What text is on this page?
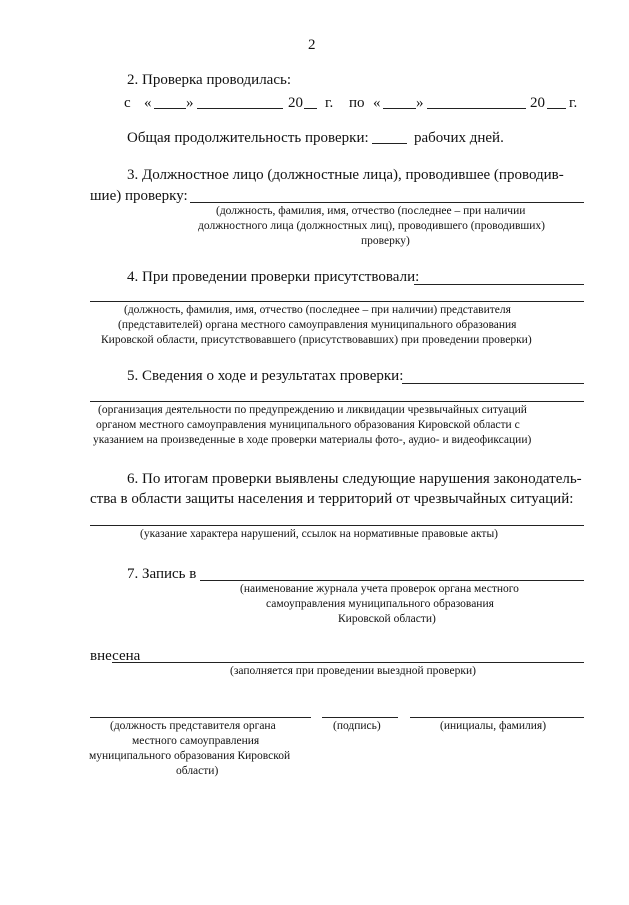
2
2. Проверка проводилась:
с « »	20 г. по « »	20 г.
Общая продолжительность проверки:	рабочих дней.
3. Должностное лицо (должностные лица), проводившее (проводив-
шие) проверку:
(должность, фамилия, имя, отчество (последнее – при наличии
должностного лица (должностных лиц), проводившего (проводивших)
проверку)
4. При проведении проверки присутствовали:
(должность, фамилия, имя, отчество (последнее – при наличии) представителя
(представителей) органа местного самоуправления муниципального образования
Кировской области, присутствовавшего (присутствовавших) при проведении проверки)
5. Сведения о ходе и результатах проверки:
(организация деятельности по предупреждению и ликвидации чрезвычайных ситуаций
органом местного самоуправления муниципального образования Кировской области с
указанием на произведенные в ходе проверки материалы фото-, аудио- и видеофиксации)
6. По итогам проверки выявлены следующие нарушения законодатель-
ства в области защиты населения и территорий от чрезвычайных ситуаций:
(указание характера нарушений, ссылок на нормативные правовые акты)
7. Запись в
(наименование журнала учета проверок органа местного
самоуправления муниципального образования
Кировской области)
внесена
(заполняется при проведении выездной проверки)
(должность представителя органа
местного самоуправления
муниципального образования Кировской
области)
(подпись)	(инициалы, фамилия)
